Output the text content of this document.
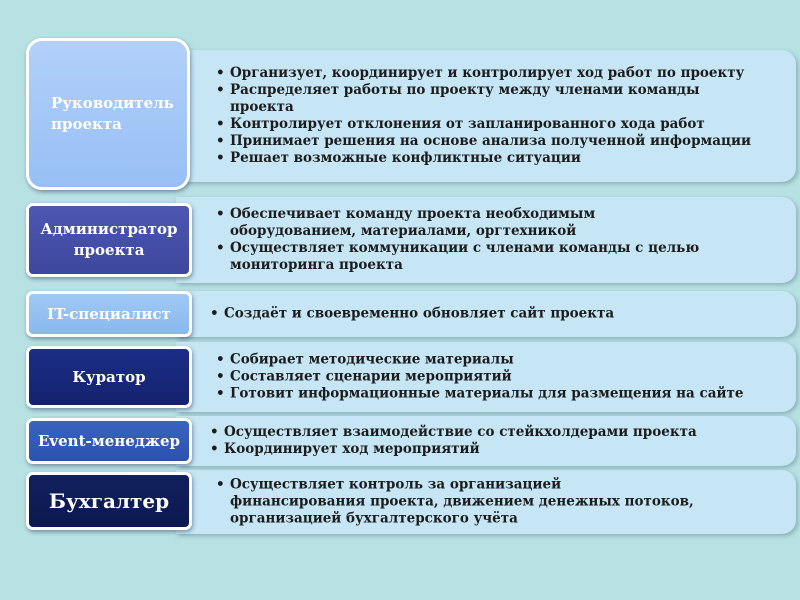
• Организует, координирует и контролирует ход работ по проекту
• Распределяет работы по проекту между членами команды проекта
• Контролирует отклонения от запланированного хода работ
• Принимает решения на основе анализа полученной информации
• Решает возможные конфликтные ситуации
Руководитель проекта
• Обеспечивает команду проекта необходимым оборудованием, материалами, оргтехникой
• Осуществляет коммуникации с членами команды с целью мониторинга проекта
Администратор проекта
• Создаёт и своевременно обновляет сайт проекта
IT-специалист
• Собирает методические материалы
• Составляет сценарии мероприятий
• Готовит информационные материалы для размещения на сайте
Куратор
• Осуществляет взаимодействие со стейкхолдерами проекта
• Координирует ход мероприятий
Event-менеджер
• Осуществляет контроль за организацией финансирования проекта, движением денежных потоков, организацией бухгалтерского учёта
Бухгалтер
